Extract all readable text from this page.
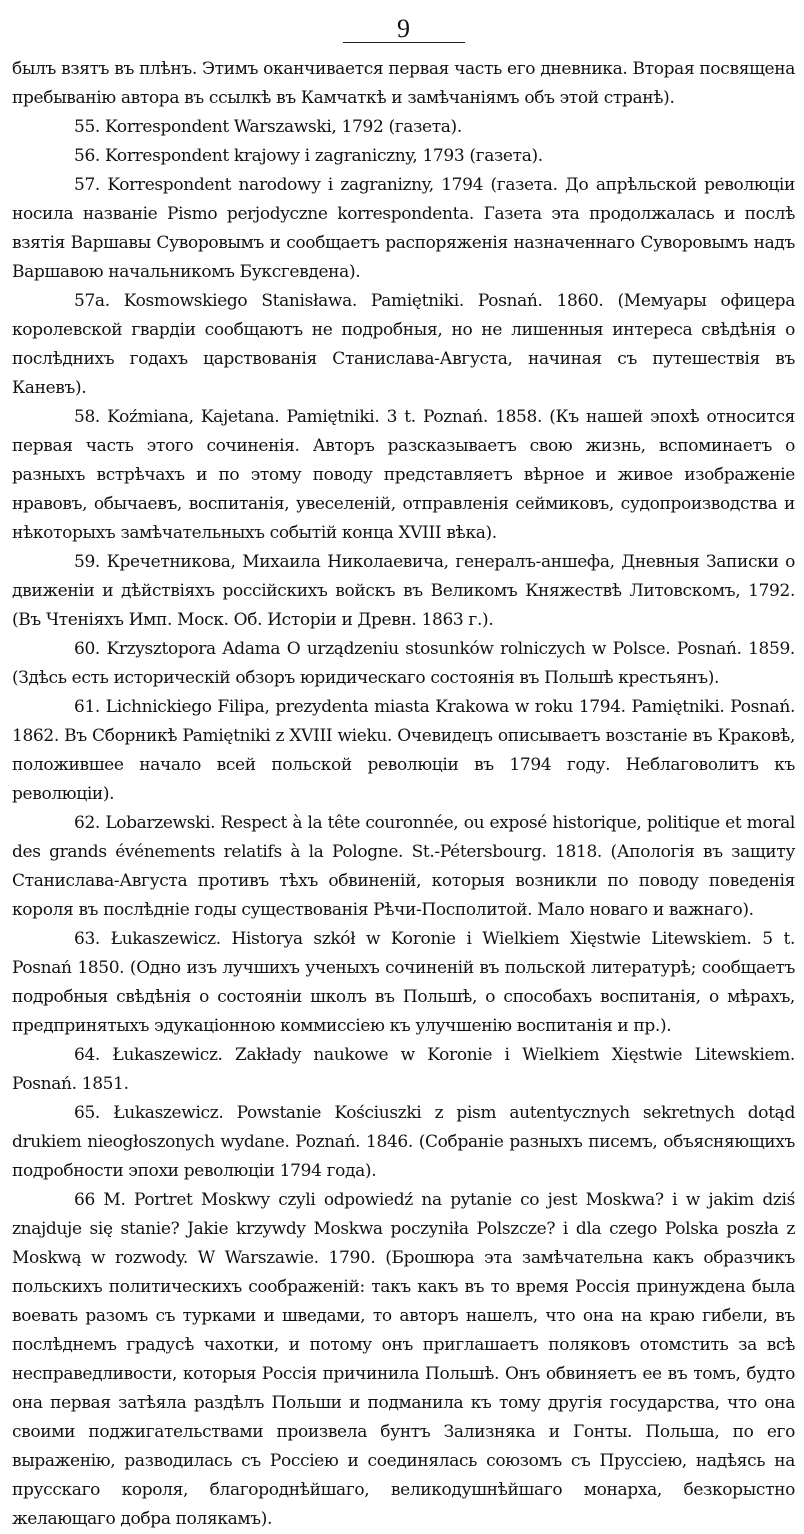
9

былъ взятъ въ плѣнъ. Этимъ оканчивается первая часть его дневника. Вторая посвящена пребыванію автора въ ссылкѣ въ Камчаткѣ и замѣчаніямъ объ этой странѣ).

55. Korrespondent Warszawski, 1792 (газета).

56. Korrespondent krajowy i zagraniczny, 1793 (газета).

57. Korrespondent narodowy i zagranizny, 1794 (газета. До апрѣльской революціи носила названіе Pismo perjodyczne korrespondenta. Газета эта продолжалась и послѣ взятія Варшавы Суворовымъ и сообщаетъ распоряженія назначеннаго Суворовымъ надъ Варшавою начальникомъ Буксгевдена).

57a. Kosmowskiego Stanisława. Pamiętniki. Posnań. 1860. (Мемуары офицера королевской гвардіи сообщаютъ не подробныя, но не лишенныя интереса свѣдѣнія о послѣднихъ годахъ царствованія Станислава-Августа, начиная съ путешествія въ Каневъ).

58. Koźmiana, Kajetana. Pamiętniki. 3 t. Poznań. 1858. (Къ нашей эпохѣ относится первая часть этого сочиненія. Авторъ разсказываетъ свою жизнь, вспоминаетъ о разныхъ встрѣчахъ и по этому поводу представляетъ вѣрное и живое изображеніе нравовъ, обычаевъ, воспитанія, увеселеній, отправленія сеймиковъ, судопроизводства и нѣкоторыхъ замѣчательныхъ событій конца XVIII вѣка).

59. Кречетникова, Михаила Николаевича, генералъ-аншефа, Дневныя Записки о движеніи и дѣйствіяхъ россійскихъ войскъ въ Великомъ Княжествѣ Литовскомъ, 1792. (Въ Чтеніяхъ Имп. Моск. Об. Исторіи и Древн. 1863 г.).

60. Krzysztopora Adama O urządzeniu stosunków rolniczych w Polsce. Posnań. 1859. (Здѣсь есть историческій обзоръ юридическаго состоянія въ Польшѣ крестьянъ).

61. Lichnickiego Filipa, prezydenta miasta Krakowa w roku 1794. Pamiętniki. Posnań. 1862. Въ Сборникѣ Pamiętniki z XVIII wieku. Очевидецъ описываетъ возстаніе въ Краковѣ, положившее начало всей польской революціи въ 1794 году. Неблаговолитъ къ революціи).

62. Lobarzewski. Respect à la tête couronnée, ou exposé historique, politique et moral des grands événements relatifs à la Pologne. St.-Pétersbourg. 1818. (Апологія въ защиту Станислава-Августа противъ тѣхъ обвиненій, которыя возникли по поводу поведенія короля въ послѣдніе годы существованія Рѣчи-Посполитой. Мало новаго и важнаго).

63. Łukaszewicz. Historya szkół w Koronie i Wielkiem Xięstwie Litewskiem. 5 t. Posnań 1850. (Одно изъ лучшихъ ученыхъ сочиненій въ польской литературѣ; сообщаетъ подробныя свѣдѣнія о состояніи школъ въ Польшѣ, о способахъ воспитанія, о мѣрахъ, предпринятыхъ эдукаціонною коммиссіею къ улучшенію воспитанія и пр.).

64. Łukaszewicz. Zakłady naukowe w Koronie i Wielkiem Xięstwie Litewskiem. Posnań. 1851.

65. Łukaszewicz. Powstanie Kościuszki z pism autentycznych sekretnych dotąd drukiem nieogłoszonych wydane. Poznań. 1846. (Собраніе разныхъ писемъ, объясняющихъ подробности эпохи революціи 1794 года).

66 M. Portret Moskwy czyli odpowiedź na pytanie co jest Moskwa? i w jakim dziś znajduje się stanie? Jakie krzywdy Moskwa poczyniła Polszcze? i dla czego Polska poszła z Moskwą w rozwody. W Warszawie. 1790. (Брошюра эта замѣчательна какъ образчикъ польскихъ политическихъ соображеній: такъ какъ въ то время Россія принуждена была воевать разомъ съ турками и шведами, то авторъ нашелъ, что она на краю гибели, въ послѣднемъ градусѣ чахотки, и потому онъ приглашаетъ поляковъ отомстить за всѣ несправедливости, которыя Россія причинила Польшѣ. Онъ обвиняетъ ее въ томъ, будто она первая затѣяла раздѣлъ Польши и подманила къ тому другія государства, что она своими поджигательствами произвела бунтъ Зализняка и Гонты. Польша, по его выраженію, разводилась съ Россіею и соединялась союзомъ съ Пруссіею, надѣясь на прусскаго короля, благороднѣйшаго, великодушнѣйшаго монарха, безкорыстно желающаго добра полякамъ).
